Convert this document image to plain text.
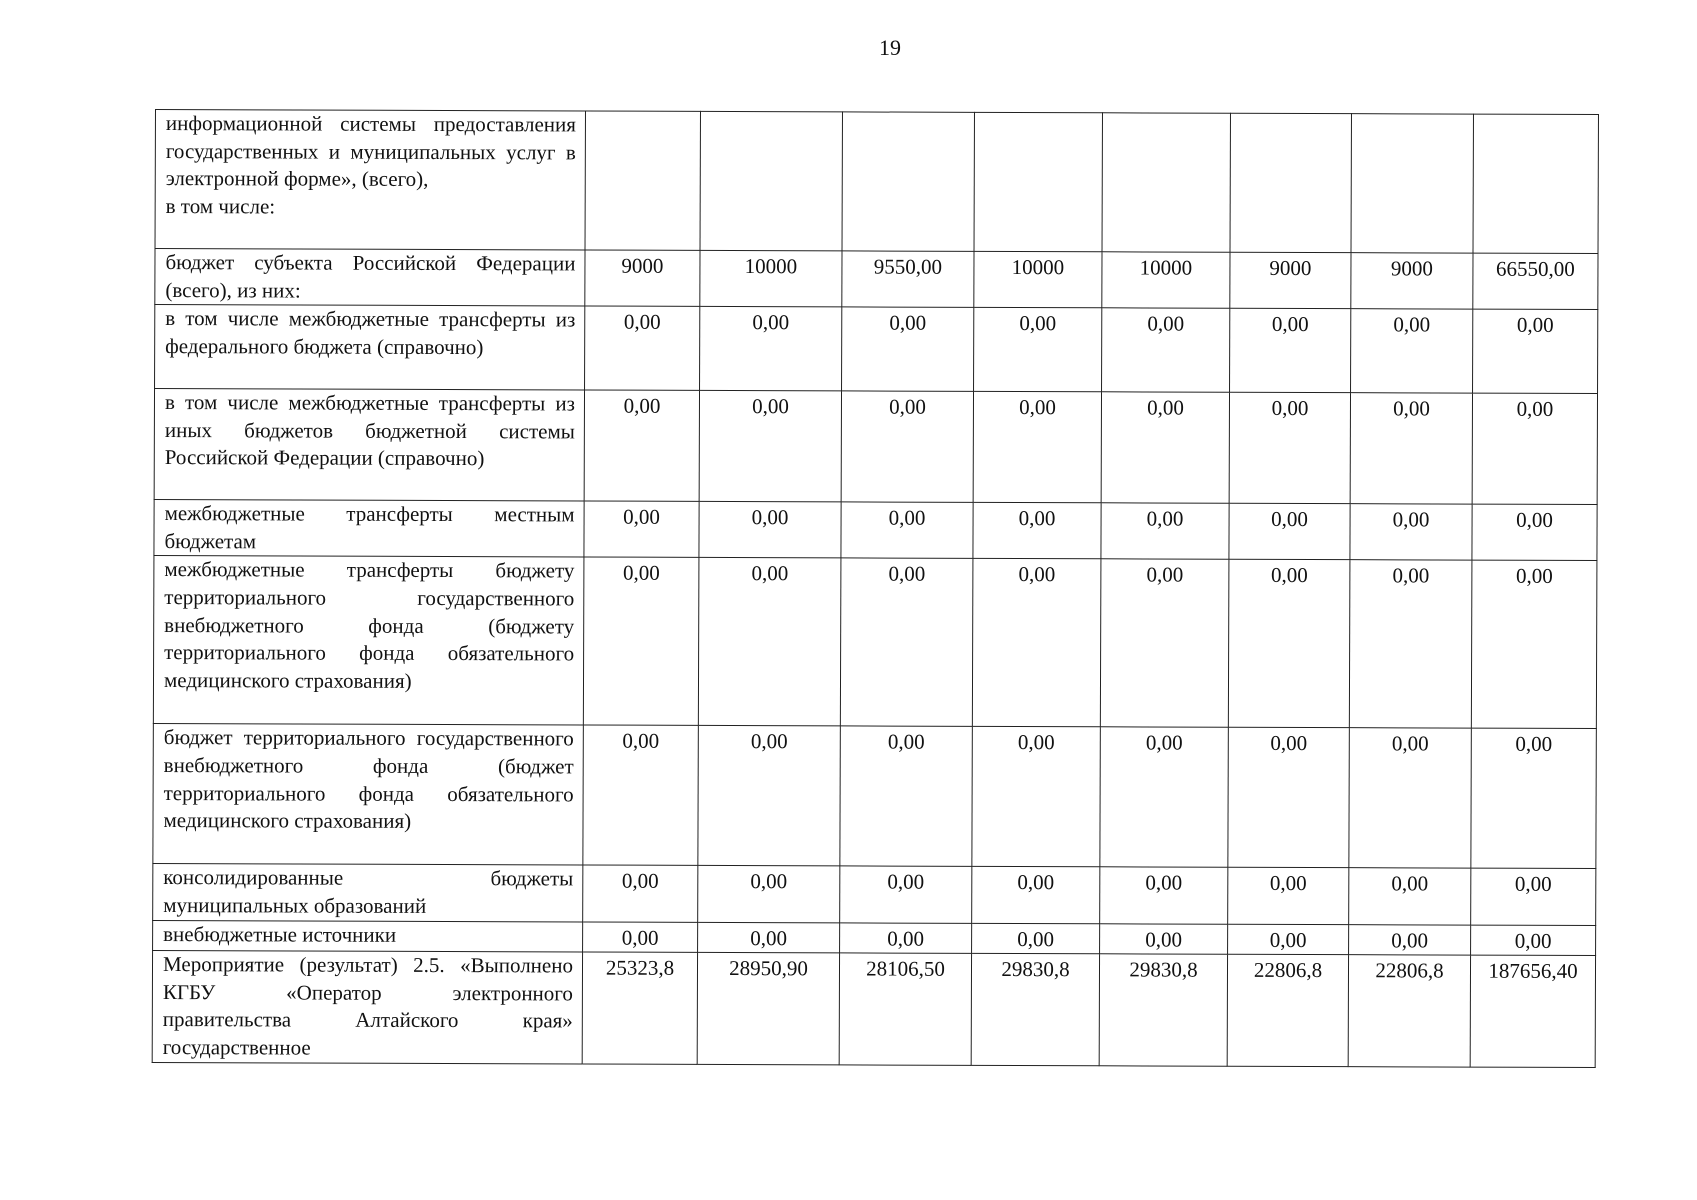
19
информационной системы предоставления государственных и муниципальных услуг в электронной форме», (всего),
в том числе:								
бюджет субъекта Российской Федерации (всего), из них:	9000	10000	9550,00	10000	10000	9000	9000	66550,00
в том числе межбюджетные трансферты из федерального бюджета (справочно)	0,00	0,00	0,00	0,00	0,00	0,00	0,00	0,00
в том числе межбюджетные трансферты из иных бюджетов бюджетной системы Российской Федерации (справочно)	0,00	0,00	0,00	0,00	0,00	0,00	0,00	0,00
межбюджетные трансферты местным бюджетам	0,00	0,00	0,00	0,00	0,00	0,00	0,00	0,00
межбюджетные трансферты бюджету территориального государственного внебюджетного фонда (бюджету территориального фонда обязательного медицинского страхования)	0,00	0,00	0,00	0,00	0,00	0,00	0,00	0,00
бюджет территориального государственного внебюджетного фонда (бюджет территориального фонда обязательного медицинского страхования)	0,00	0,00	0,00	0,00	0,00	0,00	0,00	0,00
консолидированные бюджеты муниципальных образований	0,00	0,00	0,00	0,00	0,00	0,00	0,00	0,00
внебюджетные источники	0,00	0,00	0,00	0,00	0,00	0,00	0,00	0,00
Мероприятие (результат) 2.5. «Выполнено КГБУ «Оператор электронного правительства Алтайского края» государственное	25323,8	28950,90	28106,50	29830,8	29830,8	22806,8	22806,8	187656,40
